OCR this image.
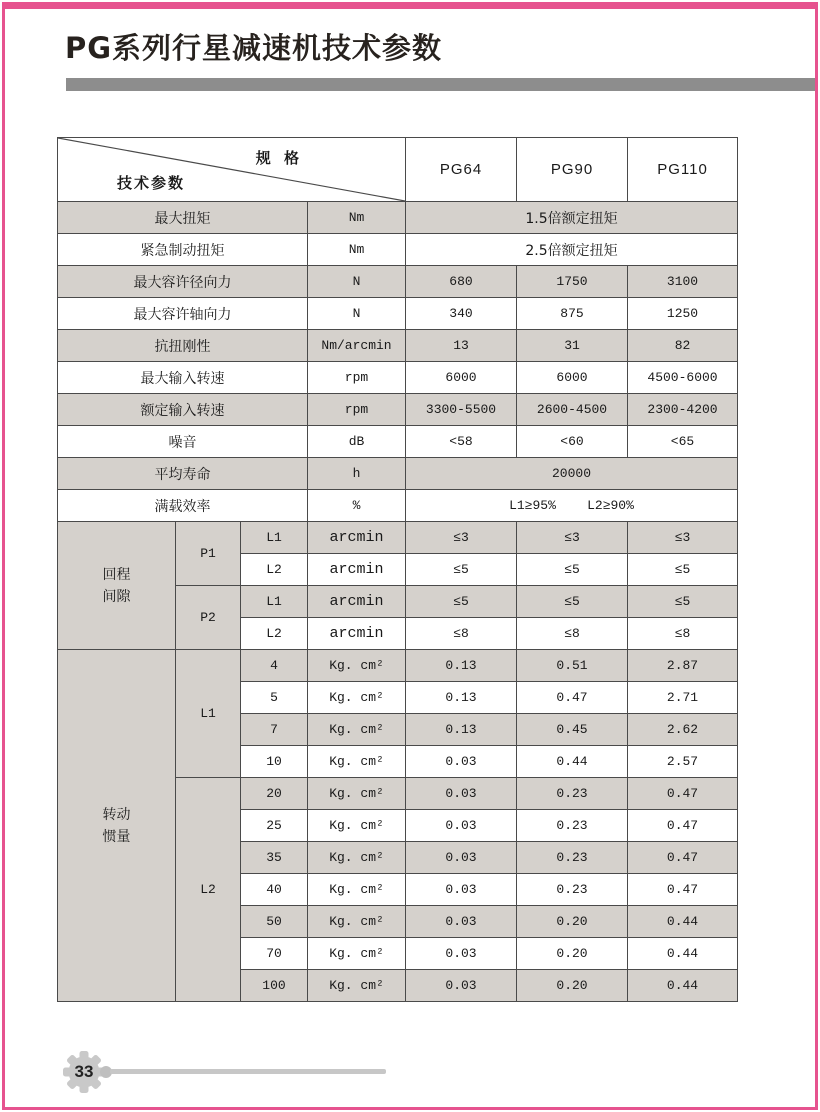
PG系列行星减速机技术参数
规 格
技术参数				PG64	PG90	PG110
最大扭矩			Nm	1.5倍额定扭矩		
紧急制动扭矩			Nm	2.5倍额定扭矩		
最大容许径向力			N	680	1750	3100
最大容许轴向力			N	340	875	1250
抗扭刚性			Nm/arcmin	13	31	82
最大输入转速			rpm	6000	6000	4500-6000
额定输入转速			rpm	3300-5500	2600-4500	2300-4200
噪音			dB	<58	<60	<65
平均寿命			h	20000		
满载效率			%	L1≥95%    L2≥90%		

回程
间隙	P1	L1	arcmin	≤3	≤3	≤3
		L2	arcmin	≤5	≤5	≤5
	P2	L1	arcmin	≤5	≤5	≤5
		L2	arcmin	≤8	≤8	≤8

转动
惯量	L1	4	Kg. cm²	0.13	0.51	2.87
		5	Kg. cm²	0.13	0.47	2.71
		7	Kg. cm²	0.13	0.45	2.62
		10	Kg. cm²	0.03	0.44	2.57
	L2	20	Kg. cm²	0.03	0.23	0.47
		25	Kg. cm²	0.03	0.23	0.47
		35	Kg. cm²	0.03	0.23	0.47
		40	Kg. cm²	0.03	0.23	0.47
		50	Kg. cm²	0.03	0.20	0.44
		70	Kg. cm²	0.03	0.20	0.44
		100	Kg. cm²	0.03	0.20	0.44
33
